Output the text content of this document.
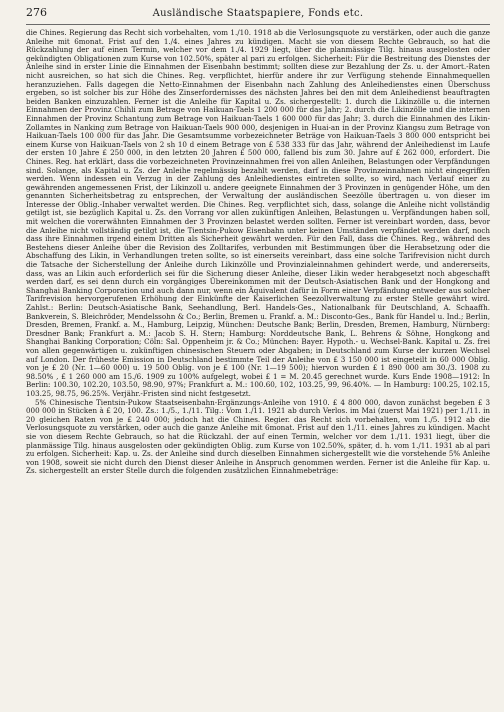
276	Ausländische Staatspapiere, Fonds etc.

die Chines. Regierung das Recht sich vorbehalten, vom 1./10. 1918 ab die Verlosungsquote zu verstärken, oder auch die ganze Anleihe mit 6monat. Frist auf den 1./4. eines Jahres zu kündigen. Macht sie von diesem Rechte Gebrauch, so hat die Rückzahlung der auf einen Termin, welcher vor dem 1./4. 1929 liegt, über die planmässige Tilg. hinaus ausgelosten oder gekündigten Obligationen zum Kurse von 102.50%, später al pari zu erfolgen. Sicherheit: Für die Bestreitung des Dienstes der Anleihe sind in erster Linie die Einnahmen der Eisenbahn bestimmt; sollten diese zur Bezahlung der Zs. u. der Amort.-Raten nicht ausreichen, so hat sich die Chines. Reg. verpflichtet, hierfür andere ihr zur Verfügung stehende Einnahmequellen heranzuziehen. Falls dagegen die Netto-Einnahmen der Eisenbahn nach Zahlung des Anleihedienstes einen Überschuss ergeben, so ist solcher bis zur Höhe des Zinserfordernisses des nächsten Jahres bei den mit dem Anleihedienst beauftragten beiden Banken einzuzahlen. Ferner ist die Anleihe für Kapital u. Zs. sichergestellt: 1. durch die Likinzölle u. die internen Einnahmen der Provinz Chihli zum Betrage von Haikuan-Taels 1 200 000 für das Jahr; 2. durch die Likinzölle und die internen Einnahmen der Provinz Schantung zum Betrage von Haikuan-Taels 1 600 000 für das Jahr; 3. durch die Einnahmen des Likin-Zollamtes in Nanking zum Betrage von Haikuan-Taels 900 000, desjenigen in Huai-an in der Provinz Kiangsu zum Betrage von Haikuan-Taels 100 000 für das Jahr. Die Gesamtsumme vorbezeichneter Beträge von Haikuan-Taels 3 800 000 entspricht bei einem Kurse von Haikuan-Taels von 2 sh 10 d einem Betrage von £ 538 333 für das Jahr, während der Anleihedienst im Laufe der ersten 10 Jahre £ 250 000, in den letzten 20 Jahren £ 500 000, fallend bis zum 30. Jahre auf £ 262 000, erfordert. Die Chines. Reg. hat erklärt, dass die vorbezeichneten Provinzeinnahmen frei von allen Anleihen, Belastungen oder Verpfändungen sind. Solange, als Kapital u. Zs. der Anleihe regelmässig bezahlt werden, darf in diese Provinzeinnahmen nicht eingegriffen werden. Wenn indessen ein Verzug in der Zahlung des Anleihedienstes eintreten sollte, so wird, nach Verlauf einer zu gewährenden angemessenen Frist, der Likinzoll u. andere geeignete Einnahmen der 3 Provinzen in genügender Höhe, um den genannten Sicherheitsbetrag zu entsprechen, der Verwaltung der ausländischen Seezölle übertragen u. von dieser im Interesse der Oblig.-Inhaber verwaltet werden. Die Chines. Reg. verpflichtet sich, dass, solange die Anleihe nicht vollständig getilgt ist, sie bezüglich Kapital u. Zs. den Vorrang vor allen zukünftigen Anleihen, Belastungen u. Verpfändungen haben soll, mit welchen die vorerwähnten Einnahmen der 3 Provinzen belastet werden sollten. Ferner ist vereinbart worden, dass, bevor die Anleihe nicht vollständig getilgt ist, die Tientsin-Pukow Eisenbahn unter keinen Umständen verpfändet werden darf, noch dass ihre Einnahmen irgend einem Dritten als Sicherheit gewährt werden. Für den Fall, dass die Chines. Reg., während des Bestehens dieser Anleihe über die Revision des Zolltarifes, verbunden mit Bestimmungen über die Herabsetzung oder die Abschaffung des Likin, in Verhandlungen treten sollte, so ist einerseits vereinbart, dass eine solche Tarifrevision nicht durch die Tatsache der Sicherstellung der Anleihe durch Likinzölle und Provinzialeinnahmen gehindert werde, und andererseits, dass, was an Likin auch erforderlich sei für die Sicherung dieser Anleihe, dieser Likin weder herabgesetzt noch abgeschafft werden darf, es sei denn durch ein vorgängiges Übereinkommen mit der Deutsch-Asiatischen Bank und der Hongkong and Shanghai Banking Corporation und auch dann nur, wenn ein Äquivalent dafür in Form einer Verpfändung entweder aus solcher Tarifrevision hervorgerufenen Erhöhung der Einkünfte der Kaiserlichen Seezollverwaltung zu erster Stelle gewährt wird. Zahlst.: Berlin: Deutsch-Asiatische Bank, Seehandlung, Berl. Handels-Ges., Nationalbank für Deutschland, A. Schaaffh. Bankverein, S. Bleichröder, Mendelssohn & Co.; Berlin, Bremen u. Frankf. a. M.: Disconto-Ges., Bank für Handel u. Ind.; Berlin, Dresden, Bremen, Frankf. a. M., Hamburg, Leipzig, München: Deutsche Bank; Berlin, Dresden, Bremen, Hamburg, Nürnberg: Dresdner Bank; Frankfurt a. M.: Jacob S. H. Stern; Hamburg: Norddeutsche Bank, L. Behrens & Söhne, Hongkong and Shanghai Banking Corporation; Cöln: Sal. Oppenheim jr. & Co.; München: Bayer. Hypoth.- u. Wechsel-Bank. Kapital u. Zs. frei von allen gegenwärtigen u. zukünftigen chinesischen Steuern oder Abgaben; in Deutschland zum Kurse der kurzen Wechsel auf London. Der früheste Emission in Deutschland bestimmte Teil der Anleihe von £ 3 150 000 ist eingeteilt in 60 000 Oblig. von je £ 20 (Nr. 1—60 000) u. 19 500 Oblig. von je £ 100 (Nr. 1—19 500); hiervon wurden £ 1 890 000 am 30./3. 1908 zu 98.50% , £ 1 260 000 am 15./6. 1909 zu 100% aufgelegt, wobei £ 1 = M. 20.45 gerechnet wurde. Kurs Ende 1908—1912: In Berlin: 100.30, 102.20, 103.50, 98.90, 97%; Frankfurt a. M.: 100.60, 102, 103.25, 99, 96.40%. — In Hamburg: 100.25, 102.15, 103.25, 98.75, 96.25%. Verjähr.-Fristen sind nicht festgesetzt.

5% Chinesische Tientsin-Pukow Staatseisenbahn-Ergänzungs-Anleihe von 1910. £ 4 800 000, davon zunächst begeben £ 3 000 000 in Stücken à £ 20, 100. Zs.: 1./5., 1./11. Tilg.: Vom 1./11. 1921 ab durch Verlos. im Mai (zuerst Mai 1921) per 1./11. in 20 gleichen Raten von je £ 240 000; jedoch hat die Chines. Regier. das Recht sich vorbehalten, vom 1./5. 1912 ab die Verlosungsquote zu verstärken, oder auch die ganze Anleihe mit 6monat. Frist auf den 1./11. eines Jahres zu kündigen. Macht sie von diesem Rechte Gebrauch, so hat die Rückzahl. der auf einen Termin, welcher vor dem 1./11. 1931 liegt, über die planmässige Tilg. hinaus ausgelosten oder gekündigten Oblig. zum Kurse von 102.50%, später, d. h. vom 1./11. 1931 ab al pari zu erfolgen. Sicherheit: Kap. u. Zs. der Anleihe sind durch dieselben Einnahmen sichergestellt wie die vorstehende 5% Anleihe von 1908, soweit sie nicht durch den Dienst dieser Anleihe in Anspruch genommen werden. Ferner ist die Anleihe für Kap. u. Zs. sichergestellt an erster Stelle durch die folgenden zusätzlichen Einnahmebeträge:
